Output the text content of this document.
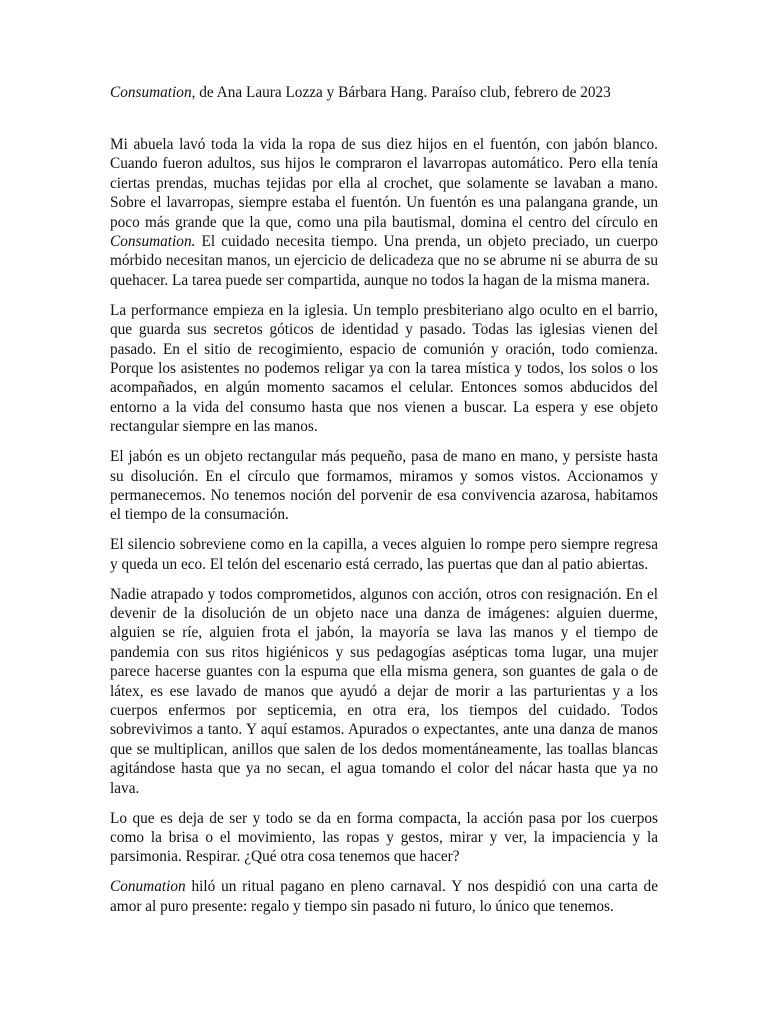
Consumation, de Ana Laura Lozza y Bárbara Hang. Paraíso club, febrero de 2023

Mi abuela lavó toda la vida la ropa de sus diez hijos en el fuentón, con jabón blanco. Cuando fueron adultos, sus hijos le compraron el lavarropas automático. Pero ella tenía ciertas prendas, muchas tejidas por ella al crochet, que solamente se lavaban a mano. Sobre el lavarropas, siempre estaba el fuentón. Un fuentón es una palangana grande, un poco más grande que la que, como una pila bautismal, domina el centro del círculo en Consumation. El cuidado necesita tiempo. Una prenda, un objeto preciado, un cuerpo mórbido necesitan manos, un ejercicio de delicadeza que no se abrume ni se aburra de su quehacer. La tarea puede ser compartida, aunque no todos la hagan de la misma manera.

La performance empieza en la iglesia. Un templo presbiteriano algo oculto en el barrio, que guarda sus secretos góticos de identidad y pasado. Todas las iglesias vienen del pasado. En el sitio de recogimiento, espacio de comunión y oración, todo comienza. Porque los asistentes no podemos religar ya con la tarea mística y todos, los solos o los acompañados, en algún momento sacamos el celular. Entonces somos abducidos del entorno a la vida del consumo hasta que nos vienen a buscar. La espera y ese objeto rectangular siempre en las manos.

El jabón es un objeto rectangular más pequeño, pasa de mano en mano, y persiste hasta su disolución. En el círculo que formamos, miramos y somos vistos. Accionamos y permanecemos. No tenemos noción del porvenir de esa convivencia azarosa, habitamos el tiempo de la consumación.

El silencio sobreviene como en la capilla, a veces alguien lo rompe pero siempre regresa y queda un eco. El telón del escenario está cerrado, las puertas que dan al patio abiertas.

Nadie atrapado y todos comprometidos, algunos con acción, otros con resignación. En el devenir de la disolución de un objeto nace una danza de imágenes: alguien duerme, alguien se ríe, alguien frota el jabón, la mayoría se lava las manos y el tiempo de pandemia con sus ritos higiénicos y sus pedagogías asépticas toma lugar, una mujer parece hacerse guantes con la espuma que ella misma genera, son guantes de gala o de látex, es ese lavado de manos que ayudó a dejar de morir a las parturientas y a los cuerpos enfermos por septicemia, en otra era, los tiempos del cuidado. Todos sobrevivimos a tanto. Y aquí estamos. Apurados o expectantes, ante una danza de manos que se multiplican, anillos que salen de los dedos momentáneamente, las toallas blancas agitándose hasta que ya no secan, el agua tomando el color del nácar hasta que ya no lava.

Lo que es deja de ser y todo se da en forma compacta, la acción pasa por los cuerpos como la brisa o el movimiento, las ropas y gestos, mirar y ver, la impaciencia y la parsimonia. Respirar. ¿Qué otra cosa tenemos que hacer?

Conumation hiló un ritual pagano en pleno carnaval. Y nos despidió con una carta de amor al puro presente: regalo y tiempo sin pasado ni futuro, lo único que tenemos.
